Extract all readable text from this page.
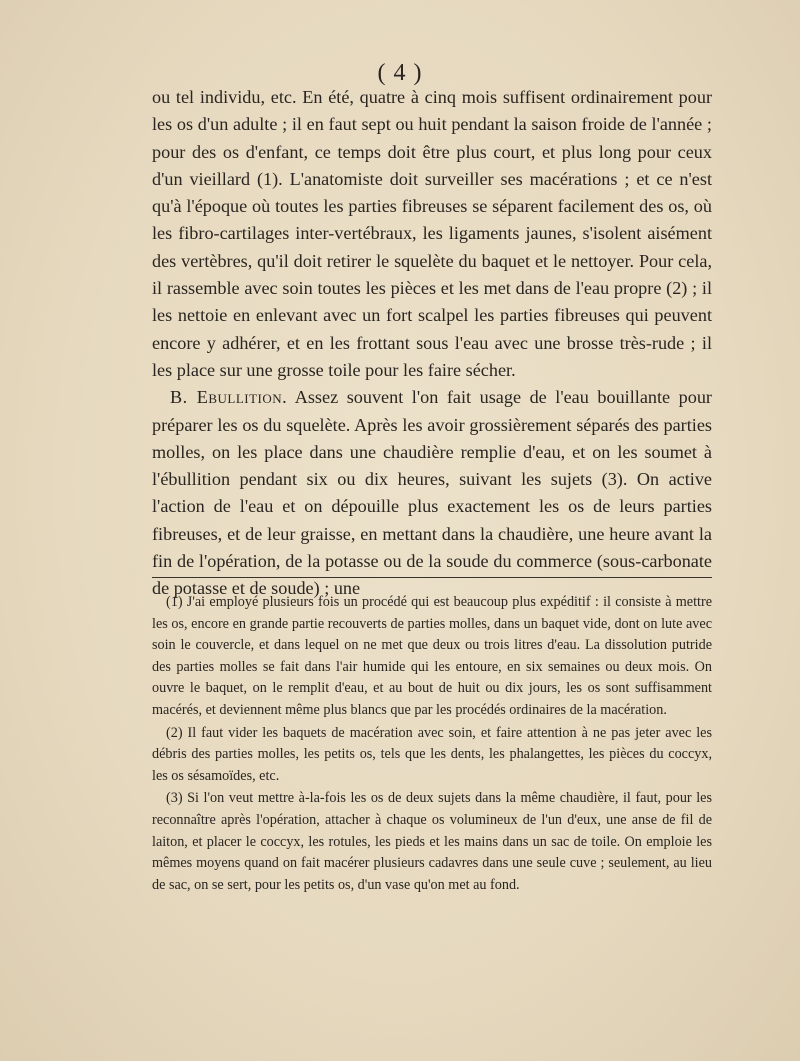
( 4 )

ou tel individu, etc. En été, quatre à cinq mois suffisent ordinairement pour les os d'un adulte ; il en faut sept ou huit pendant la saison froide de l'année ; pour des os d'enfant, ce temps doit être plus court, et plus long pour ceux d'un vieillard (1). L'anatomiste doit surveiller ses macérations ; et ce n'est qu'à l'époque où toutes les parties fibreuses se séparent facilement des os, où les fibro-cartilages inter-vertébraux, les ligaments jaunes, s'isolent aisément des vertèbres, qu'il doit retirer le squelète du baquet et le nettoyer. Pour cela, il rassemble avec soin toutes les pièces et les met dans de l'eau propre (2) ; il les nettoie en enlevant avec un fort scalpel les parties fibreuses qui peuvent encore y adhérer, et en les frottant sous l'eau avec une brosse très-rude ; il les place sur une grosse toile pour les faire sécher.

B. Ebullition. Assez souvent l'on fait usage de l'eau bouillante pour préparer les os du squelète. Après les avoir grossièrement séparés des parties molles, on les place dans une chaudière remplie d'eau, et on les soumet à l'ébullition pendant six ou dix heures, suivant les sujets (3). On active l'action de l'eau et on dépouille plus exactement les os de leurs parties fibreuses, et de leur graisse, en mettant dans la chaudière, une heure avant la fin de l'opération, de la potasse ou de la soude du commerce (sous-carbonate de potasse et de soude) ; une

(1) J'ai employé plusieurs fois un procédé qui est beaucoup plus expéditif : il consiste à mettre les os, encore en grande partie recouverts de parties molles, dans un baquet vide, dont on lute avec soin le couvercle, et dans lequel on ne met que deux ou trois litres d'eau. La dissolution putride des parties molles se fait dans l'air humide qui les entoure, en six semaines ou deux mois. On ouvre le baquet, on le remplit d'eau, et au bout de huit ou dix jours, les os sont suffisamment macérés, et deviennent même plus blancs que par les procédés ordinaires de la macération.

(2) Il faut vider les baquets de macération avec soin, et faire attention à ne pas jeter avec les débris des parties molles, les petits os, tels que les dents, les phalangettes, les pièces du coccyx, les os sésamoïdes, etc.

(3) Si l'on veut mettre à-la-fois les os de deux sujets dans la même chaudière, il faut, pour les reconnaître après l'opération, attacher à chaque os volumineux de l'un d'eux, une anse de fil de laiton, et placer le coccyx, les rotules, les pieds et les mains dans un sac de toile. On emploie les mêmes moyens quand on fait macérer plusieurs cadavres dans une seule cuve ; seulement, au lieu de sac, on se sert, pour les petits os, d'un vase qu'on met au fond.
